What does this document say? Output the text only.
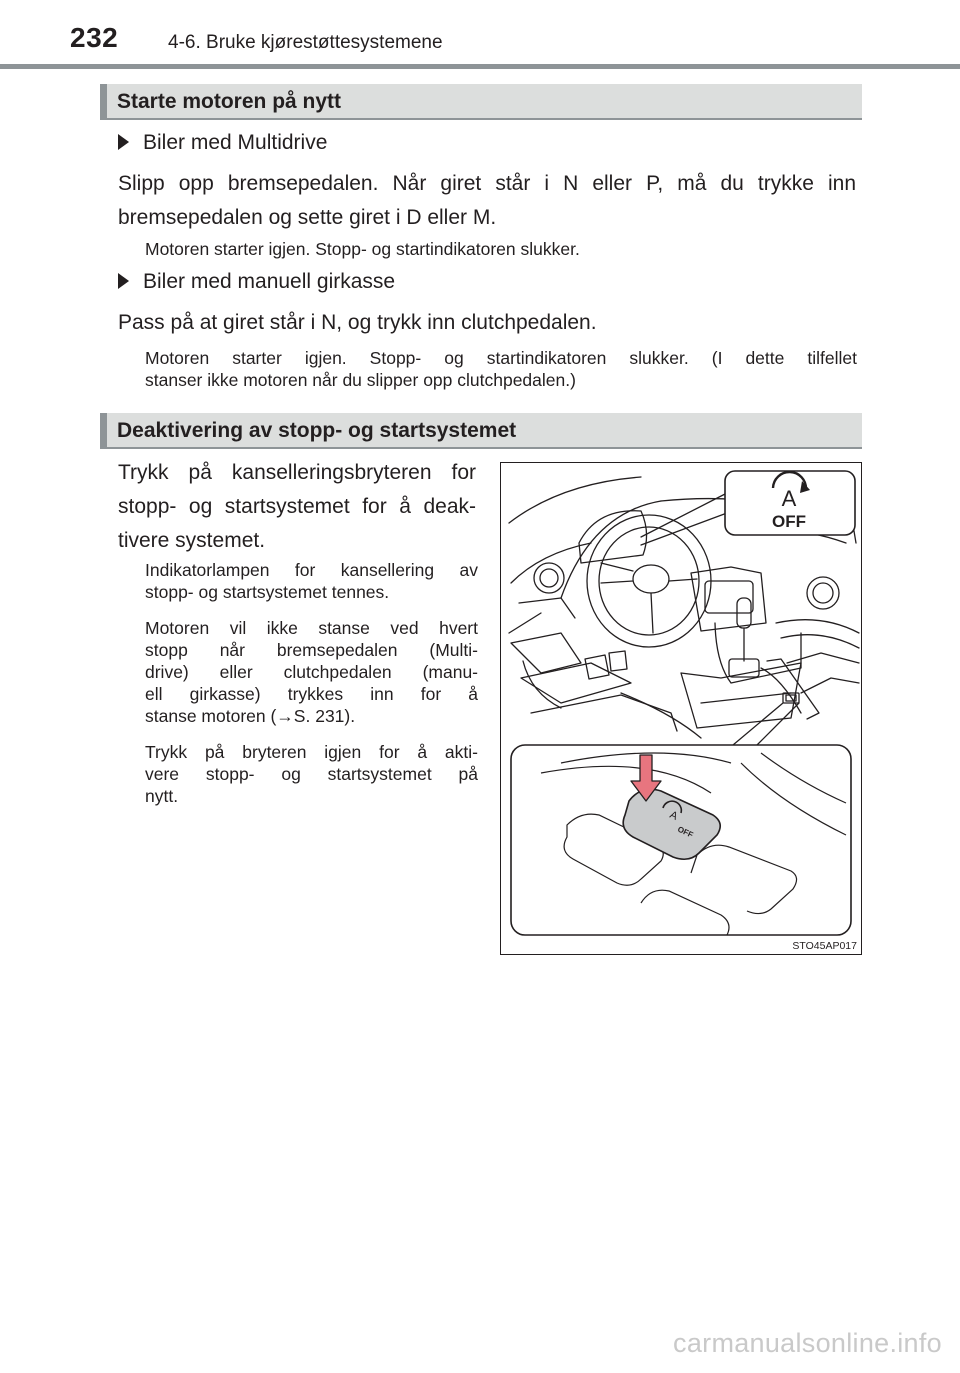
232	4-6. Bruke kjørestøttesystemene
Starte motoren på nytt
Biler med Multidrive
Slipp opp bremsepedalen. Når giret står i N eller P, må du trykke inn
bremsepedalen og sette giret i D eller M.
Motoren starter igjen. Stopp- og startindikatoren slukker.
Biler med manuell girkasse
Pass på at giret står i N, og trykk inn clutchpedalen.
Motoren starter igjen. Stopp- og startindikatoren slukker. (I dette tilfellet
stanser ikke motoren når du slipper opp clutchpedalen.)
Deaktivering av stopp- og startsystemet
Trykk på kanselleringsbryteren for
stopp- og startsystemet for å deak-
tivere systemet.
Indikatorlampen for kansellering av
stopp- og startsystemet tennes.
Motoren vil ikke stanse ved hvert
stopp når bremsepedalen (Multi-
drive) eller clutchpedalen (manu-
ell girkasse) trykkes inn for å
stanse motoren (→S. 231).
Trykk på bryteren igjen for å akti-
vere stopp- og startsystemet på
nytt.
A
OFF
A
OFF
STO45AP017
carmanualsonline.info
